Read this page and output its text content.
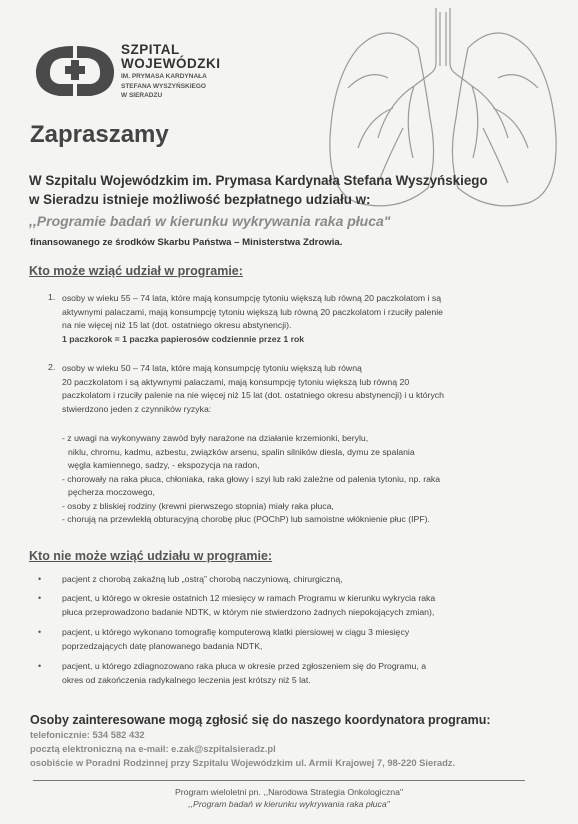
SZPITAL
WOJEWÓDZKI
IM. PRYMASA KARDYNAŁA
STEFANA WYSZYŃSKIEGO
W SIERADZU
Zapraszamy
W Szpitalu Wojewódzkim im. Prymasa Kardynała Stefana Wyszyńskiego
w Sieradzu istnieje możliwość bezpłatnego udziału w:
,,Programie badań w kierunku wykrywania raka płuca"
finansowanego ze środków Skarbu Państwa – Ministerstwa Zdrowia.
Kto może wziąć udział w programie:
1. osoby w wieku 55 – 74 lata, które mają konsumpcję tytoniu większą lub równą 20 paczkolatom i są
aktywnymi palaczami, mają konsumpcję tytoniu większą lub równą 20 paczkolatom i rzuciły palenie
na nie więcej niż 15 lat (dot. ostatniego okresu abstynencji).
1 paczkorok = 1 paczka papierosów codziennie przez 1 rok
2. osoby w wieku 50 – 74 lata, które mają konsumpcję tytoniu większą lub równą
20 paczkolatom i są aktywnymi palaczami, mają konsumpcję tytoniu większą lub równą 20
paczkolatom i rzuciły palenie na nie więcej niż 15 lat (dot. ostatniego okresu abstynencji) i u których
stwierdzono jeden z czynników ryzyka:
- z uwagi na wykonywany zawód były narażone na działanie krzemionki, berylu,
niklu, chromu, kadmu, azbestu, związków arsenu, spalin silników diesla, dymu ze spalania
węgla kamiennego, sadzy, - ekspozycja na radon,
- chorowały na raka płuca, chłoniaka, raka głowy i szyi lub raki zależne od palenia tytoniu, np. raka
pęcherza moczowego,
- osoby z bliskiej rodziny (krewni pierwszego stopnia) miały raka płuca,
- chorują na przewlekłą obturacyjną chorobę płuc (POChP) lub samoistne włóknienie płuc (IPF).
Kto nie może wziąć udziału w programie:
• pacjent z chorobą zakaźną lub „ostrą” chorobą naczyniową, chirurgiczną,
• pacjent, u którego w okresie ostatnich 12 miesięcy w ramach Programu w kierunku wykrycia raka
płuca przeprowadzono badanie NDTK, w którym nie stwierdzono żadnych niepokojących zmian),
• pacjent, u którego wykonano tomografię komputerową klatki piersiowej w ciągu 3 miesięcy
poprzedzających datę planowanego badania NDTK,
• pacjent, u którego zdiagnozowano raka płuca w okresie przed zgłoszeniem się do Programu, a
okres od zakończenia radykalnego leczenia jest krótszy niż 5 lat.
Osoby zainteresowane mogą zgłosić się do naszego koordynatora programu:
telefonicznie: 534 582 432
pocztą elektroniczną na e-mail: e.zak@szpitalsieradz.pl
osobiście w Poradni Rodzinnej przy Szpitalu Wojewódzkim ul. Armii Krajowej 7, 98-220 Sieradz.
Program wieloletni pn. ,,Narodowa Strategia Onkologiczna"
,,Program badań w kierunku wykrywania raka płuca"
